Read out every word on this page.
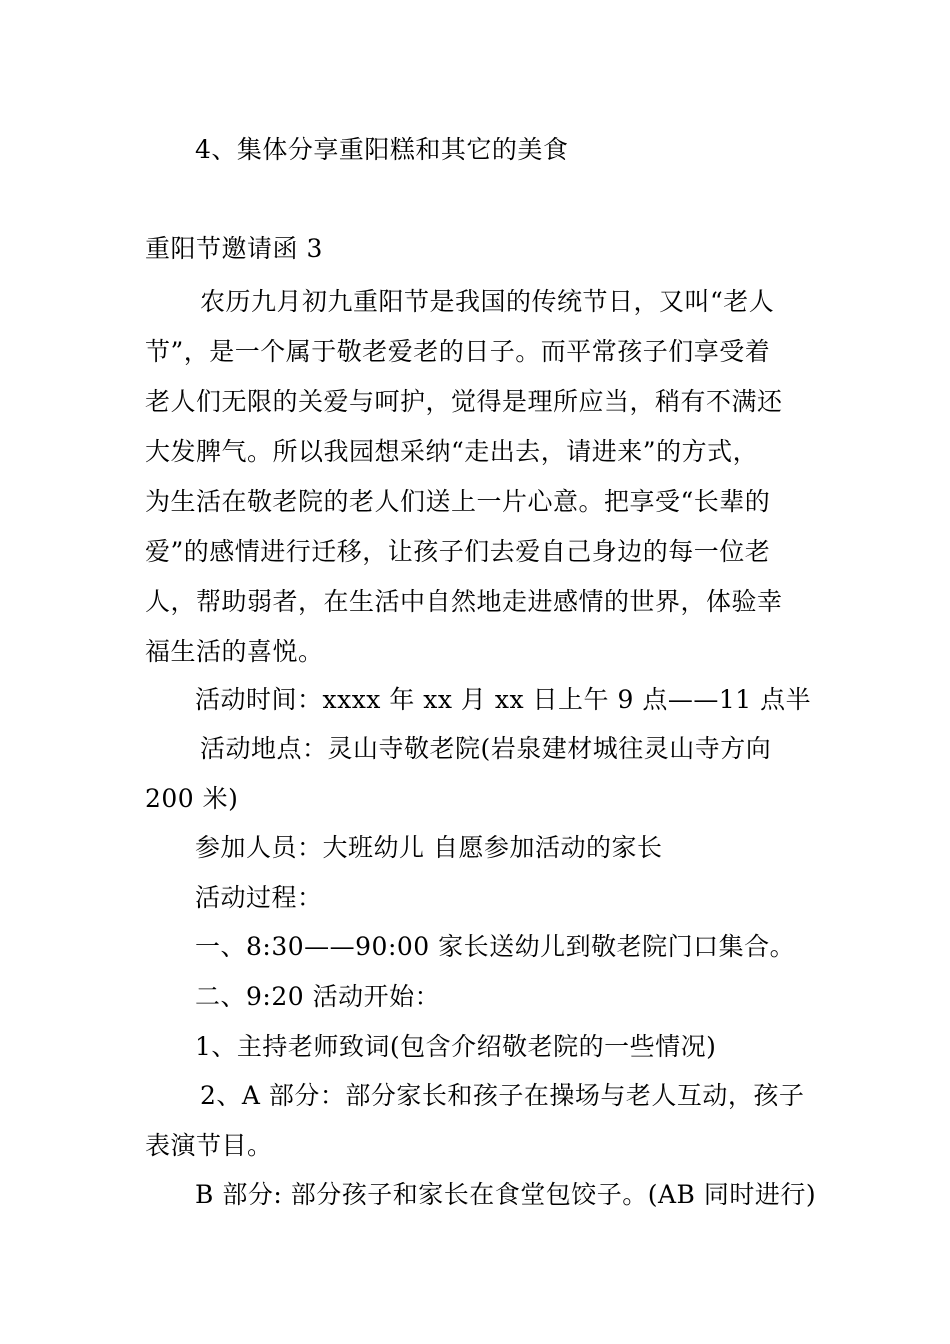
4、集体分享重阳糕和其它的美食
重阳节邀请函 3
农历九月初九重阳节是我国的传统节日，又叫“老人
节”，是一个属于敬老爱老的日子。而平常孩子们享受着
老人们无限的关爱与呵护，觉得是理所应当，稍有不满还
大发脾气。所以我园想采纳“走出去，请进来”的方式，
为生活在敬老院的老人们送上一片心意。把享受“长辈的
爱”的感情进行迁移，让孩子们去爱自己身边的每一位老
人，帮助弱者，在生活中自然地走进感情的世界，体验幸
福生活的喜悦。
活动时间：xxxx 年 xx 月 xx 日上午 9 点——11 点半
活动地点：灵山寺敬老院(岩泉建材城往灵山寺方向
200 米)
参加人员：大班幼儿 自愿参加活动的家长
活动过程：
一、8:30——90:00 家长送幼儿到敬老院门口集合。
二、9:20 活动开始：
1、主持老师致词(包含介绍敬老院的一些情况)
2、A 部分：部分家长和孩子在操场与老人互动，孩子
表演节目。
B 部分: 部分孩子和家长在食堂包饺子。(AB 同时进行)
